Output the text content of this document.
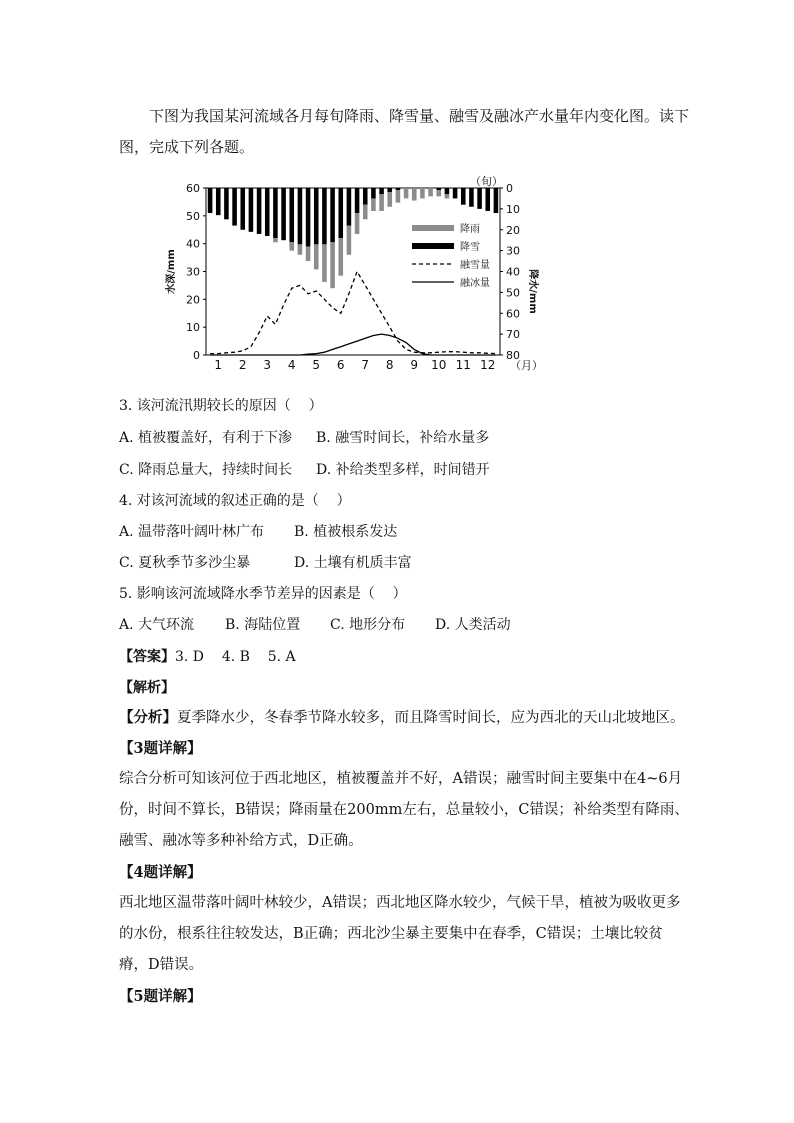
下图为我国某河流域各月每旬降雨、降雪量、融雪及融冰产水量年内变化图。读下图，完成下列各题。
0
10
20
30
40
50
60	0
10
20
30
40
50
60
70
80
1 2 3 4 5 6 7 8 9 10 11 12 （月）
（旬）
水深/mm	降水/mm
降雨
降雪
融雪量
融冰量
3. 该河流汛期较长的原因（    ）
A. 植被覆盖好，有利于下渗 B. 融雪时间长，补给水量多
C. 降雨总量大，持续时间长 D. 补给类型多样，时间错开
4. 对该河流域的叙述正确的是（    ）
A. 温带落叶阔叶林广布 B. 植被根系发达
C. 夏秋季节多沙尘暴	D. 土壤有机质丰富
5. 影响该河流域降水季节差异的因素是（    ）
A. 大气环流 B. 海陆位置 C. 地形分布 D. 人类活动
【答案】3. D    4. B    5. A
【解析】
【分析】夏季降水少，冬春季节降水较多，而且降雪时间长，应为西北的天山北坡地区。
【3题详解】
综合分析可知该河位于西北地区，植被覆盖并不好，A错误；融雪时间主要集中在4~6月份，时间不算长，B错误；降雨量在200mm左右，总量较小，C错误；补给类型有降雨、融雪、融冰等多种补给方式，D正确。
【4题详解】
西北地区温带落叶阔叶林较少，A错误；西北地区降水较少，气候干旱，植被为吸收更多的水份，根系往往较发达，B正确；西北沙尘暴主要集中在春季，C错误；土壤比较贫瘠，D错误。
【5题详解】
